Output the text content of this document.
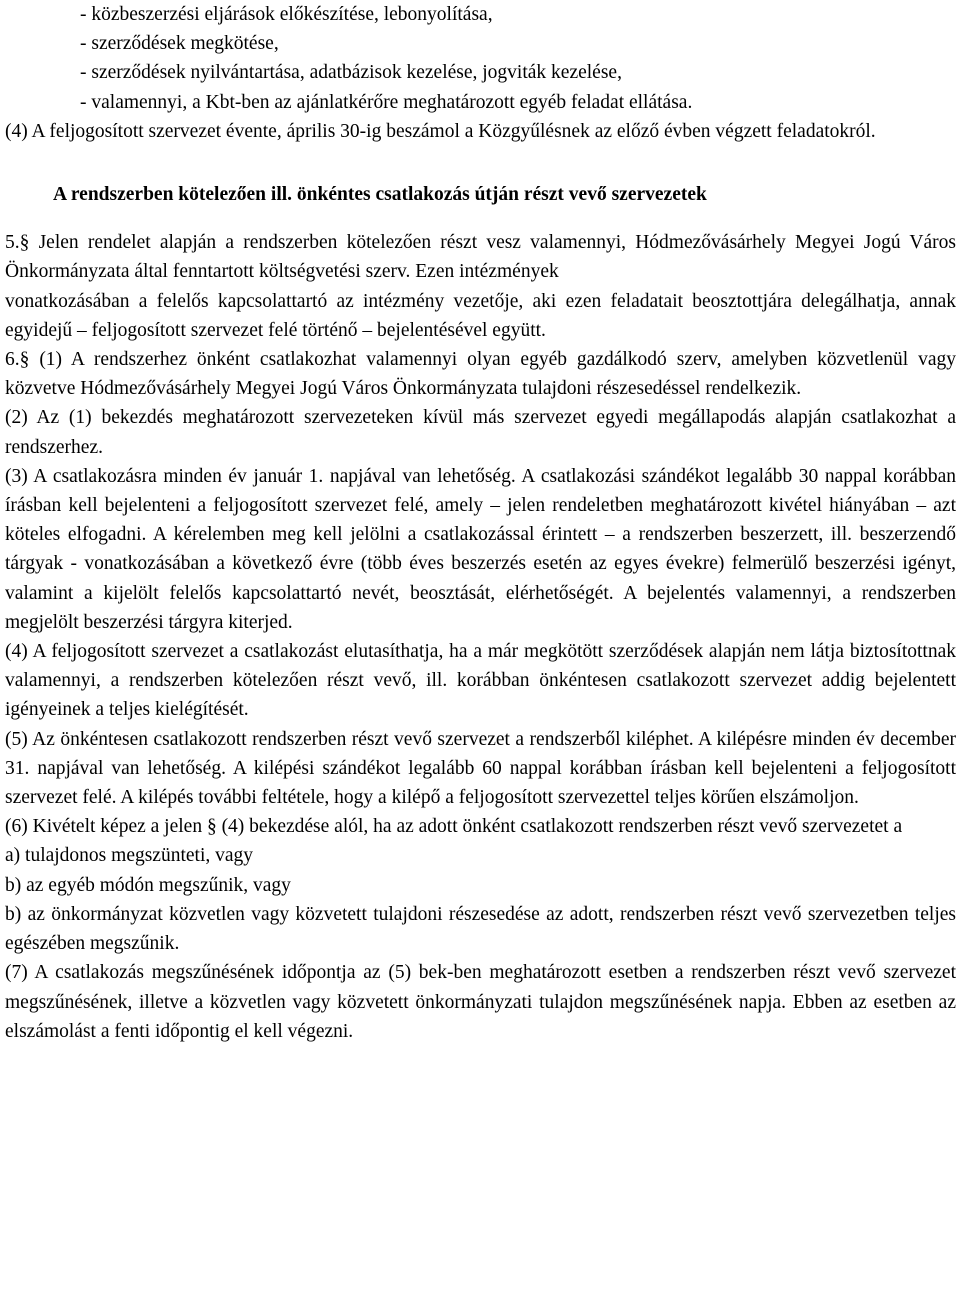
- közbeszerzési eljárások előkészítése, lebonyolítása,

- szerződések megkötése,

- szerződések nyilvántartása, adatbázisok kezelése, jogviták kezelése,

- valamennyi, a Kbt-ben az ajánlatkérőre meghatározott egyéb feladat ellátása.

(4) A feljogosított szervezet évente, április 30-ig beszámol a Közgyűlésnek az előző évben végzett feladatokról.

A rendszerben kötelezően ill. önkéntes csatlakozás útján részt vevő szervezetek

5.§ Jelen rendelet alapján a rendszerben kötelezően részt vesz valamennyi, Hódmezővásárhely Megyei Jogú Város Önkormányzata által fenntartott költségvetési szerv. Ezen intézmények

vonatkozásában a felelős kapcsolattartó az intézmény vezetője, aki ezen feladatait beosztottjára delegálhatja, annak egyidejű – feljogosított szervezet felé történő – bejelentésével együtt.

6.§ (1) A rendszerhez önként csatlakozhat valamennyi olyan egyéb gazdálkodó szerv, amelyben közvetlenül vagy közvetve Hódmezővásárhely Megyei Jogú Város Önkormányzata tulajdoni részesedéssel rendelkezik.

(2) Az (1) bekezdés meghatározott szervezeteken kívül más szervezet egyedi megállapodás alapján csatlakozhat a rendszerhez.

(3) A csatlakozásra minden év január 1. napjával van lehetőség. A csatlakozási szándékot legalább 30 nappal korábban írásban kell bejelenteni a feljogosított szervezet felé, amely – jelen rendeletben meghatározott kivétel hiányában – azt köteles elfogadni. A kérelemben meg kell jelölni a csatlakozással érintett – a rendszerben beszerzett, ill. beszerzendő tárgyak - vonatkozásában a következő évre (több éves beszerzés esetén az egyes évekre) felmerülő beszerzési igényt, valamint a kijelölt felelős kapcsolattartó nevét, beosztását, elérhetőségét. A bejelentés valamennyi, a rendszerben megjelölt beszerzési tárgyra kiterjed.

(4) A feljogosított szervezet a csatlakozást elutasíthatja, ha a már megkötött szerződések alapján nem látja biztosítottnak valamennyi, a rendszerben kötelezően részt vevő, ill. korábban önkéntesen csatlakozott szervezet addig bejelentett igényeinek a teljes kielégítését.

(5) Az önkéntesen csatlakozott rendszerben részt vevő szervezet a rendszerből kiléphet. A kilépésre minden év december 31. napjával van lehetőség. A kilépési szándékot legalább 60 nappal korábban írásban kell bejelenteni a feljogosított szervezet felé. A kilépés további feltétele, hogy a kilépő a feljogosított szervezettel teljes körűen elszámoljon.

(6) Kivételt képez a jelen § (4) bekezdése alól, ha az adott önként csatlakozott rendszerben részt vevő szervezetet a

a) tulajdonos megszünteti, vagy

b) az egyéb módón megszűnik, vagy

b) az önkormányzat közvetlen vagy közvetett tulajdoni részesedése az adott, rendszerben részt vevő szervezetben teljes egészében megszűnik.

(7) A csatlakozás megszűnésének időpontja az (5) bek-ben meghatározott esetben a rendszerben részt vevő szervezet megszűnésének, illetve a közvetlen vagy közvetett önkormányzati tulajdon megszűnésének napja. Ebben az esetben az elszámolást a fenti időpontig el kell végezni.
